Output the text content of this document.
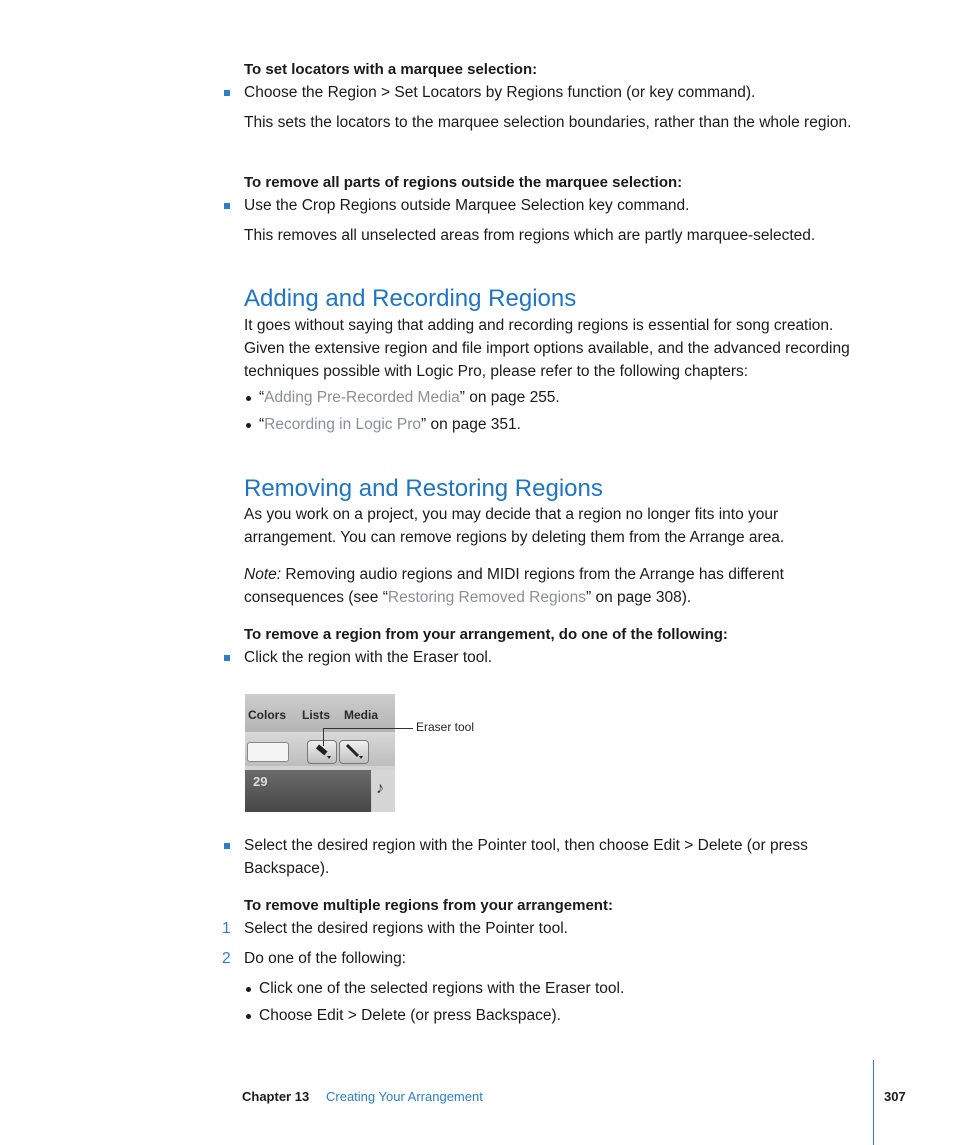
To set locators with a marquee selection:
Choose the Region > Set Locators by Regions function (or key command).
This sets the locators to the marquee selection boundaries, rather than the whole region.
To remove all parts of regions outside the marquee selection:
Use the Crop Regions outside Marquee Selection key command.
This removes all unselected areas from regions which are partly marquee-selected.
Adding and Recording Regions
It goes without saying that adding and recording regions is essential for song creation. Given the extensive region and file import options available, and the advanced recording techniques possible with Logic Pro, please refer to the following chapters:
“Adding Pre-Recorded Media” on page 255.
“Recording in Logic Pro” on page 351.
Removing and Restoring Regions
As you work on a project, you may decide that a region no longer fits into your arrangement. You can remove regions by deleting them from the Arrange area.
Note: Removing audio regions and MIDI regions from the Arrange has different consequences (see “Restoring Removed Regions” on page 308).
To remove a region from your arrangement, do one of the following:
Click the region with the Eraser tool.
Colors Lists Media
29	♪
Eraser tool
Select the desired region with the Pointer tool, then choose Edit > Delete (or press Backspace).
To remove multiple regions from your arrangement:
1 Select the desired regions with the Pointer tool.
2 Do one of the following:
Click one of the selected regions with the Eraser tool.
Choose Edit > Delete (or press Backspace).
Chapter 13 Creating Your Arrangement	307
